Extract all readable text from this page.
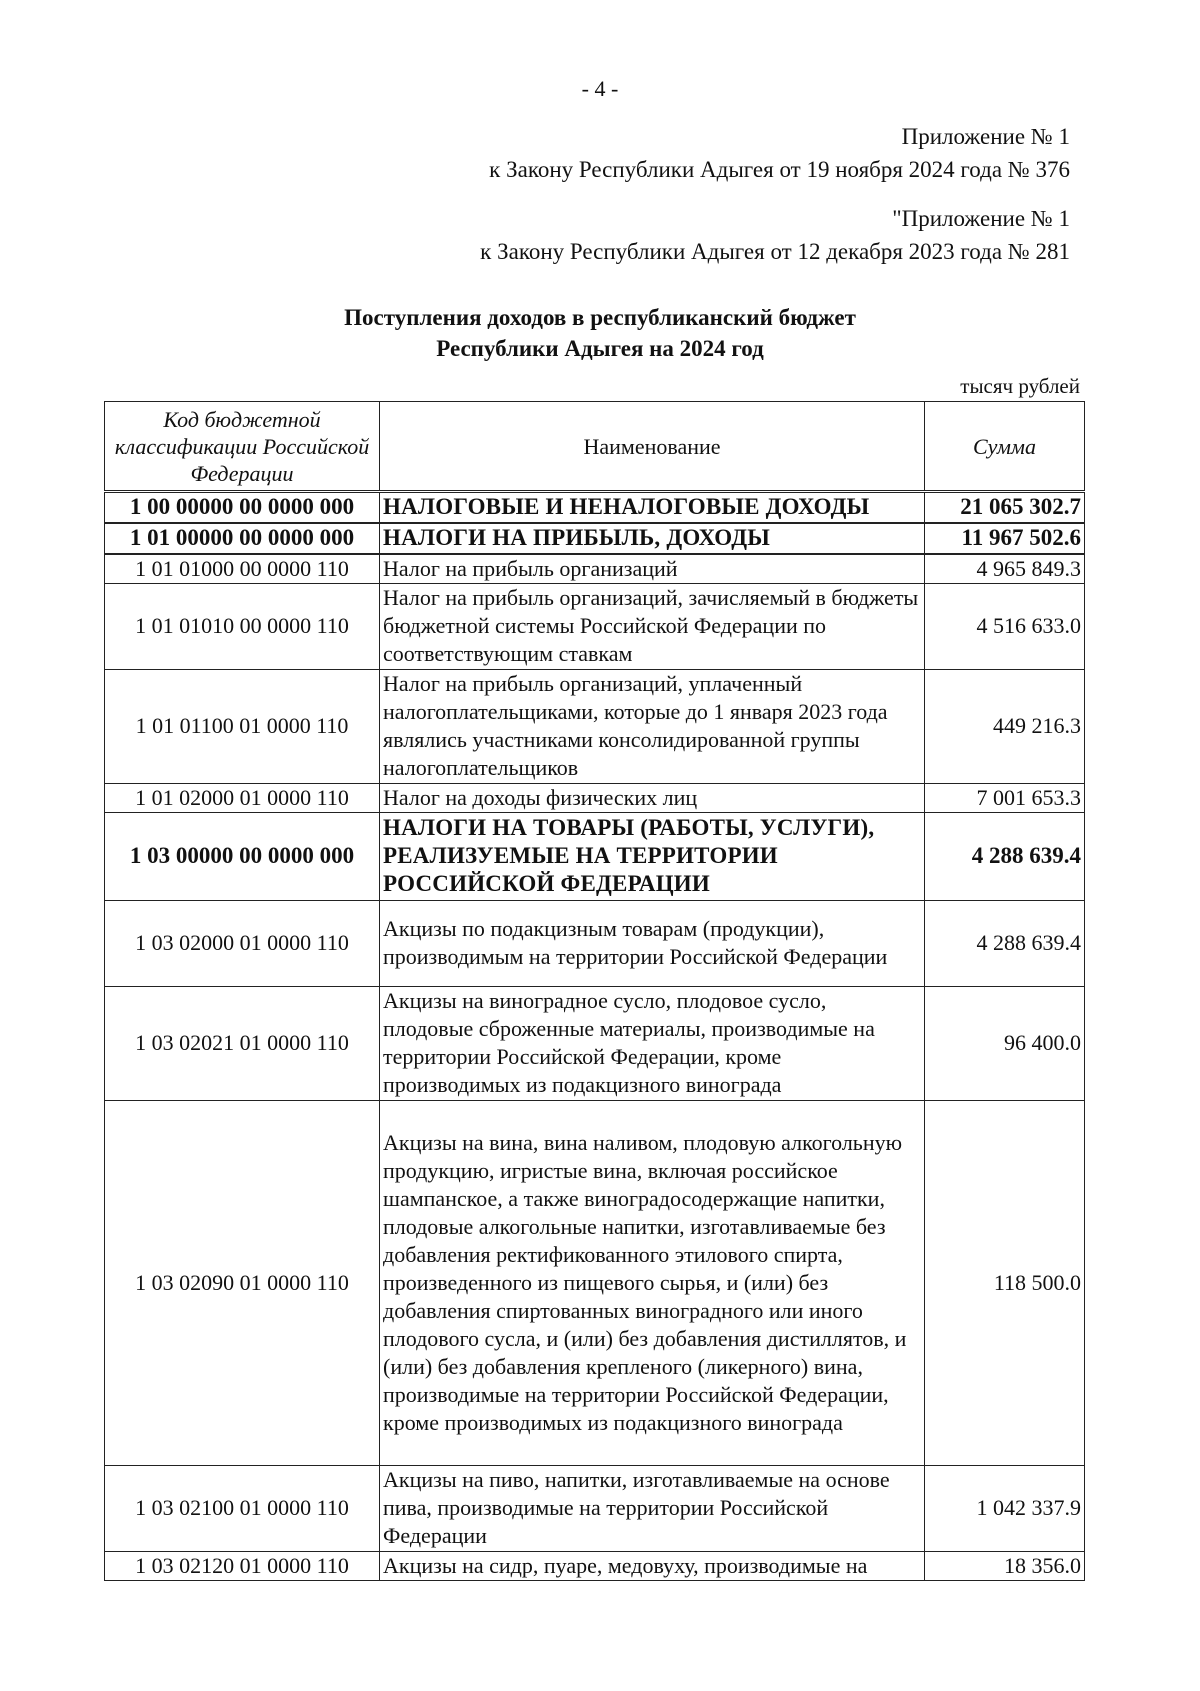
- 4 -
Приложение № 1
к Закону Республики Адыгея от 19 ноября 2024 года № 376
"Приложение № 1
к Закону Республики Адыгея от 12 декабря 2023 года № 281
Поступления доходов в республиканский бюджет
Республики Адыгея на 2024 год
тысяч рублей
Код бюджетной классификации Российской Федерации	Наименование	Сумма
1 00 00000 00 0000 000	НАЛОГОВЫЕ И НЕНАЛОГОВЫЕ ДОХОДЫ	21 065 302.7
1 01 00000 00 0000 000	НАЛОГИ НА ПРИБЫЛЬ, ДОХОДЫ	11 967 502.6
1 01 01000 00 0000 110	Налог на прибыль организаций	4 965 849.3
1 01 01010 00 0000 110	Налог на прибыль организаций, зачисляемый в бюджеты бюджетной системы Российской Федерации по соответствующим ставкам	4 516 633.0
1 01 01100 01 0000 110	Налог на прибыль организаций, уплаченный налогоплательщиками, которые до 1 января 2023 года являлись участниками консолидированной группы налогоплательщиков	449 216.3
1 01 02000 01 0000 110	Налог на доходы физических лиц	7 001 653.3
1 03 00000 00 0000 000	НАЛОГИ НА ТОВАРЫ (РАБОТЫ, УСЛУГИ), РЕАЛИЗУЕМЫЕ НА ТЕРРИТОРИИ РОССИЙСКОЙ ФЕДЕРАЦИИ	4 288 639.4
1 03 02000 01 0000 110	Акцизы по подакцизным товарам (продукции), производимым на территории Российской Федерации	4 288 639.4
1 03 02021 01 0000 110	Акцизы на виноградное сусло, плодовое сусло, плодовые сброженные материалы, производимые на территории Российской Федерации, кроме производимых из подакцизного винограда	96 400.0
1 03 02090 01 0000 110	Акцизы на вина, вина наливом, плодовую алкогольную продукцию, игристые вина, включая российское шампанское, а также виноградосодержащие напитки, плодовые алкогольные напитки, изготавливаемые без добавления ректификованного этилового спирта, произведенного из пищевого сырья, и (или) без добавления спиртованных виноградного или иного плодового сусла, и (или) без добавления дистиллятов, и (или) без добавления крепленого (ликерного) вина, производимые на территории Российской Федерации, кроме производимых из подакцизного винограда	118 500.0
1 03 02100 01 0000 110	Акцизы на пиво, напитки, изготавливаемые на основе пива, производимые на территории Российской Федерации	1 042 337.9
1 03 02120 01 0000 110	Акцизы на сидр, пуаре, медовуху, производимые на	18 356.0
